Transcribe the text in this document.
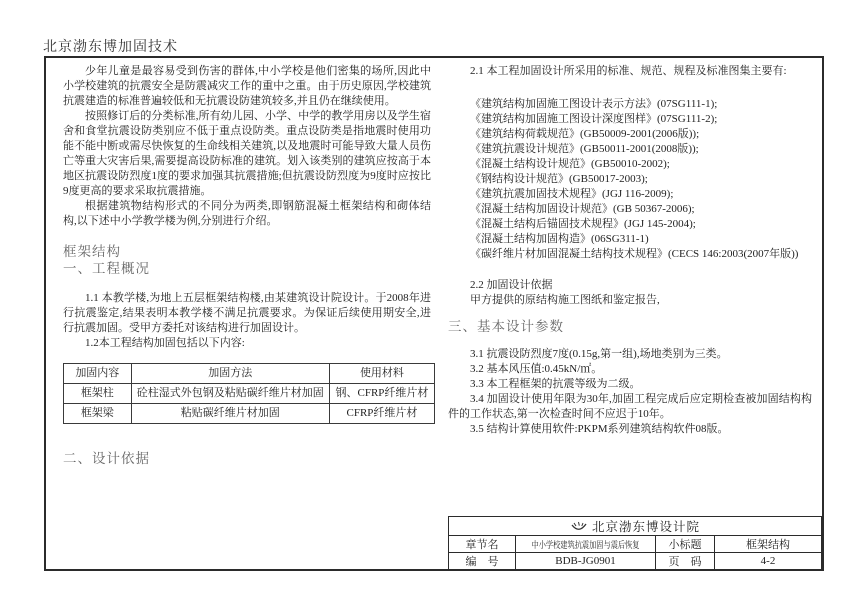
北京渤东博加固技术

少年儿童是最容易受到伤害的群体,中小学校是他们密集的场所,因此中小学校建筑的抗震安全是防震减灾工作的重中之重。由于历史原因,学校建筑抗震建造的标准普遍较低和无抗震设防建筑较多,并且仍在继续使用。

按照修订后的分类标准,所有幼儿园、小学、中学的教学用房以及学生宿舍和食堂抗震设防类别应不低于重点设防类。重点设防类是指地震时使用功能不能中断或需尽快恢复的生命线相关建筑,以及地震时可能导致大量人员伤亡等重大灾害后果,需要提高设防标准的建筑。划入该类别的建筑应按高于本地区抗震设防烈度1度的要求加强其抗震措施;但抗震设防烈度为9度时应按比9度更高的要求采取抗震措施。

根据建筑物结构形式的不同分为两类,即钢筋混凝土框架结构和砌体结构,以下述中小学教学楼为例,分别进行介绍。

框架结构
一、工程概况

1.1 本教学楼,为地上五层框架结构楼,由某建筑设计院设计。于2008年进行抗震鉴定,结果表明本教学楼不满足抗震要求。为保证后续使用期安全,进行抗震加固。受甲方委托对该结构进行加固设计。

1.2本工程结构加固包括以下内容:

加固内容	加固方法	使用材料
框架柱	砼柱湿式外包钢及粘贴碳纤维片材加固	钢、CFRP纤维片材
框架梁	粘贴碳纤维片材加固	CFRP纤维片材
二、设计依据

2.1 本工程加固设计所采用的标准、规范、规程及标准图集主要有:

《建筑结构加固施工图设计表示方法》(07SG111-1);

《建筑结构加固施工图设计深度图样》(07SG111-2);

《建筑结构荷载规范》(GB50009-2001(2006版));

《建筑抗震设计规范》(GB50011-2001(2008版));

《混凝土结构设计规范》(GB50010-2002);

《钢结构设计规范》(GB50017-2003);

《建筑抗震加固技术规程》(JGJ 116-2009);

《混凝土结构加固设计规范》(GB 50367-2006);

《混凝土结构后锚固技术规程》(JGJ 145-2004);

《混凝土结构加固构造》(06SG311-1)

《碳纤维片材加固混凝土结构技术规程》(CECS 146:2003(2007年版))

2.2 加固设计依据

甲方提供的原结构施工图纸和鉴定报告,

三、基本设计参数

3.1 抗震设防烈度7度(0.15g,第一组),场地类别为三类。

3.2 基本风压值:0.45kN/㎡。

3.3 本工程框架的抗震等级为二级。

3.4 加固设计使用年限为30年,加固工程完成后应定期检查被加固结构构件的工作状态,第一次检查时间不应迟于10年。

3.5 结构计算使用软件:PKPM系列建筑结构软件08版。

北京渤东博设计院			
章节名	中小学校建筑抗震加固与震后恢复	小标题	框架结构
编　号	BDB-JG0901	页　码	4-2
